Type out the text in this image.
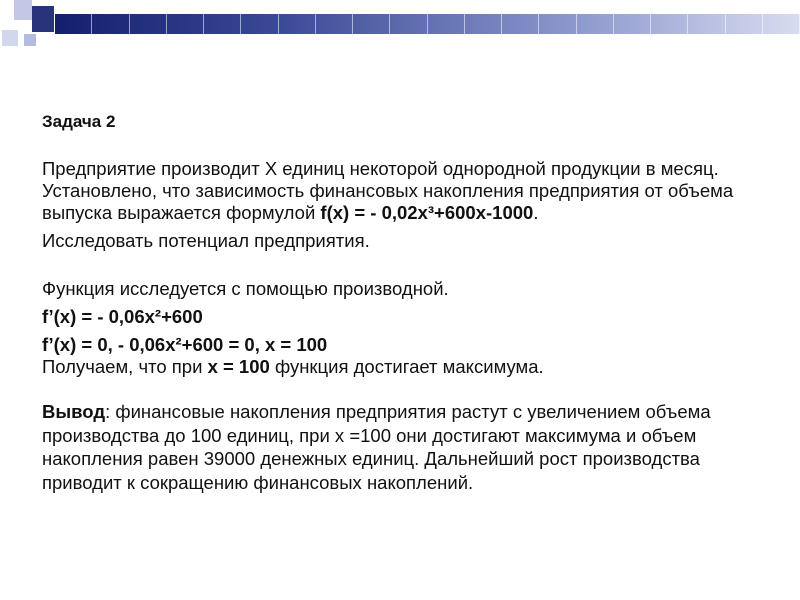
Задача 2

Предприятие производит Х единиц некоторой однородной продукции в месяц. Установлено, что зависимость финансовых накопления предприятия от объема выпуска выражается формулой f(x) = - 0,02x³+600x-1000.

Исследовать потенциал предприятия.

Функция исследуется с помощью производной.

f’(x) = - 0,06x²+600

f’(x) = 0, - 0,06x²+600 = 0, x = 100

Получаем, что при x = 100 функция достигает максимума.

Вывод: финансовые накопления предприятия растут с увеличением объема производства до 100 единиц, при х =100 они достигают максимума и объем накопления равен 39000 денежных единиц. Дальнейший рост производства приводит к сокращению финансовых накоплений.
